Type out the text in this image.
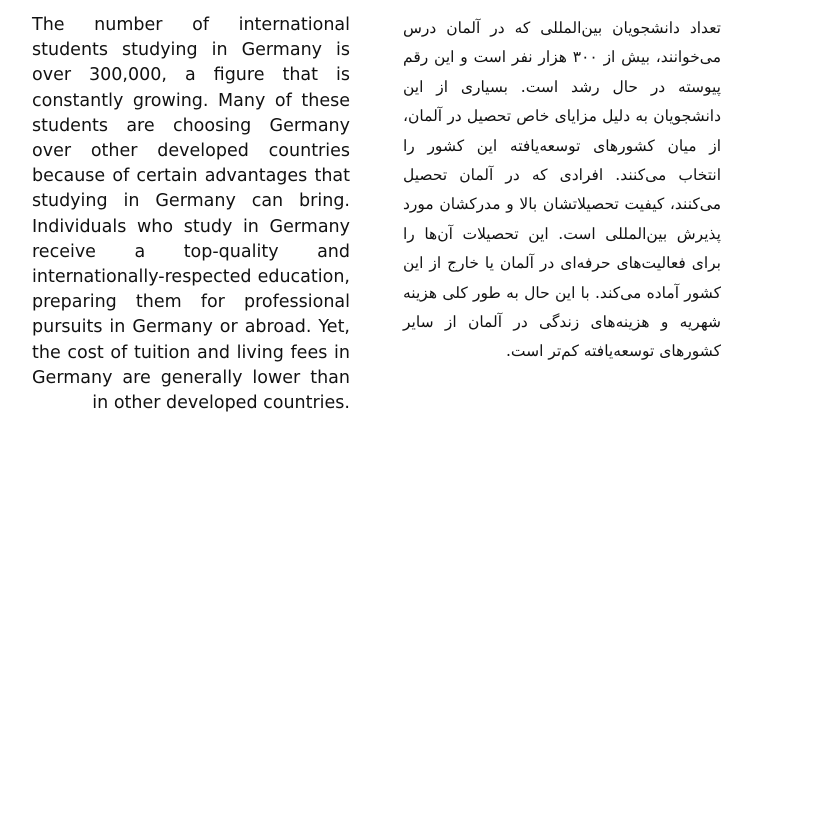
The number of international students studying in Germany is over 300,000, a figure that is constantly growing. Many of these students are choosing Germany over other developed countries because of certain advantages that studying in Germany can bring. Individuals who study in Germany receive a top-quality and internationally-respected education, preparing them for professional pursuits in Germany or abroad. Yet, the cost of tuition and living fees in Germany are generally lower than in other developed countries.

تعداد دانشجویان بین‌المللی که در آلمان درس می‌خوانند، بیش از ۳۰۰ هزار نفر است و این رقم پیوسته در حال رشد است. بسیاری از این دانشجویان به دلیل مزایای خاص تحصیل در آلمان، از میان کشورهای توسعه‌یافته این کشور را انتخاب می‌کنند. افرادی که در آلمان تحصیل می‌کنند، کیفیت تحصیلاتشان بالا و مدرکشان مورد پذیرش بین‌المللی است. این تحصیلات آن‌ها را برای فعالیت‌های حرفه‌ای در آلمان یا خارج از این کشور آماده می‌کند. با این حال به طور کلی هزینه شهریه و هزینه‌های زندگی در آلمان از سایر کشورهای توسعه‌یافته کم‌تر است.
